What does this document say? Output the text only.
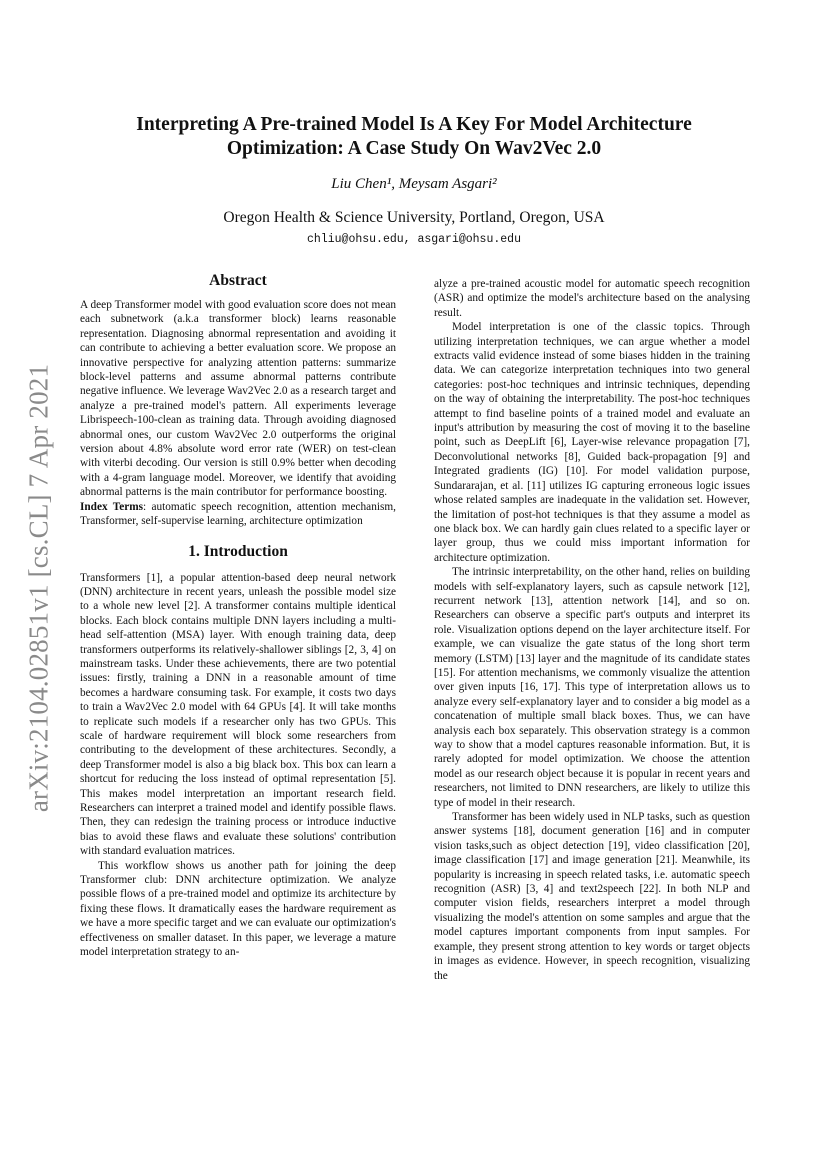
arXiv:2104.02851v1 [cs.CL] 7 Apr 2021
Interpreting A Pre-trained Model Is A Key For Model Architecture Optimization: A Case Study On Wav2Vec 2.0
Liu Chen¹, Meysam Asgari²
Oregon Health & Science University, Portland, Oregon, USA
chliu@ohsu.edu, asgari@ohsu.edu
Abstract

A deep Transformer model with good evaluation score does not mean each subnetwork (a.k.a transformer block) learns reasonable representation. Diagnosing abnormal representation and avoiding it can contribute to achieving a better evaluation score. We propose an innovative perspective for analyzing attention patterns: summarize block-level patterns and assume abnormal patterns contribute negative influence. We leverage Wav2Vec 2.0 as a research target and analyze a pre-trained model's pattern. All experiments leverage Librispeech-100-clean as training data. Through avoiding diagnosed abnormal ones, our custom Wav2Vec 2.0 outperforms the original version about 4.8% absolute word error rate (WER) on test-clean with viterbi decoding. Our version is still 0.9% better when decoding with a 4-gram language model. Moreover, we identify that avoiding abnormal patterns is the main contributor for performance boosting.

Index Terms: automatic speech recognition, attention mechanism, Transformer, self-supervise learning, architecture optimization

1. Introduction

Transformers [1], a popular attention-based deep neural network (DNN) architecture in recent years, unleash the possible model size to a whole new level [2]. A transformer contains multiple identical blocks. Each block contains multiple DNN layers including a multi-head self-attention (MSA) layer. With enough training data, deep transformers outperforms its relatively-shallower siblings [2, 3, 4] on mainstream tasks. Under these achievements, there are two potential issues: firstly, training a DNN in a reasonable amount of time becomes a hardware consuming task. For example, it costs two days to train a Wav2Vec 2.0 model with 64 GPUs [4]. It will take months to replicate such models if a researcher only has two GPUs. This scale of hardware requirement will block some researchers from contributing to the development of these architectures. Secondly, a deep Transformer model is also a big black box. This box can learn a shortcut for reducing the loss instead of optimal representation [5]. This makes model interpretation an important research field. Researchers can interpret a trained model and identify possible flaws. Then, they can redesign the training process or introduce inductive bias to avoid these flaws and evaluate these solutions' contribution with standard evaluation matrices.

This workflow shows us another path for joining the deep Transformer club: DNN architecture optimization. We analyze possible flows of a pre-trained model and optimize its architecture by fixing these flows. It dramatically eases the hardware requirement as we have a more specific target and we can evaluate our optimization's effectiveness on smaller dataset. In this paper, we leverage a mature model interpretation strategy to an-

alyze a pre-trained acoustic model for automatic speech recognition (ASR) and optimize the model's architecture based on the analysing result.

Model interpretation is one of the classic topics. Through utilizing interpretation techniques, we can argue whether a model extracts valid evidence instead of some biases hidden in the training data. We can categorize interpretation techniques into two general categories: post-hoc techniques and intrinsic techniques, depending on the way of obtaining the interpretability. The post-hoc techniques attempt to find baseline points of a trained model and evaluate an input's attribution by measuring the cost of moving it to the baseline point, such as DeepLift [6], Layer-wise relevance propagation [7], Deconvolutional networks [8], Guided back-propagation [9] and Integrated gradients (IG) [10]. For model validation purpose, Sundararajan, et al. [11] utilizes IG capturing erroneous logic issues whose related samples are inadequate in the validation set. However, the limitation of post-hot techniques is that they assume a model as one black box. We can hardly gain clues related to a specific layer or layer group, thus we could miss important information for architecture optimization.

The intrinsic interpretability, on the other hand, relies on building models with self-explanatory layers, such as capsule network [12], recurrent network [13], attention network [14], and so on. Researchers can observe a specific part's outputs and interpret its role. Visualization options depend on the layer architecture itself. For example, we can visualize the gate status of the long short term memory (LSTM) [13] layer and the magnitude of its candidate states [15]. For attention mechanisms, we commonly visualize the attention over given inputs [16, 17]. This type of interpretation allows us to analyze every self-explanatory layer and to consider a big model as a concatenation of multiple small black boxes. Thus, we can have analysis each box separately. This observation strategy is a common way to show that a model captures reasonable information. But, it is rarely adopted for model optimization. We choose the attention model as our research object because it is popular in recent years and researchers, not limited to DNN researchers, are likely to utilize this type of model in their research.

Transformer has been widely used in NLP tasks, such as question answer systems [18], document generation [16] and in computer vision tasks,such as object detection [19], video classification [20], image classification [17] and image generation [21]. Meanwhile, its popularity is increasing in speech related tasks, i.e. automatic speech recognition (ASR) [3, 4] and text2speech [22]. In both NLP and computer vision fields, researchers interpret a model through visualizing the model's attention on some samples and argue that the model captures important components from input samples. For example, they present strong attention to key words or target objects in images as evidence. However, in speech recognition, visualizing the
